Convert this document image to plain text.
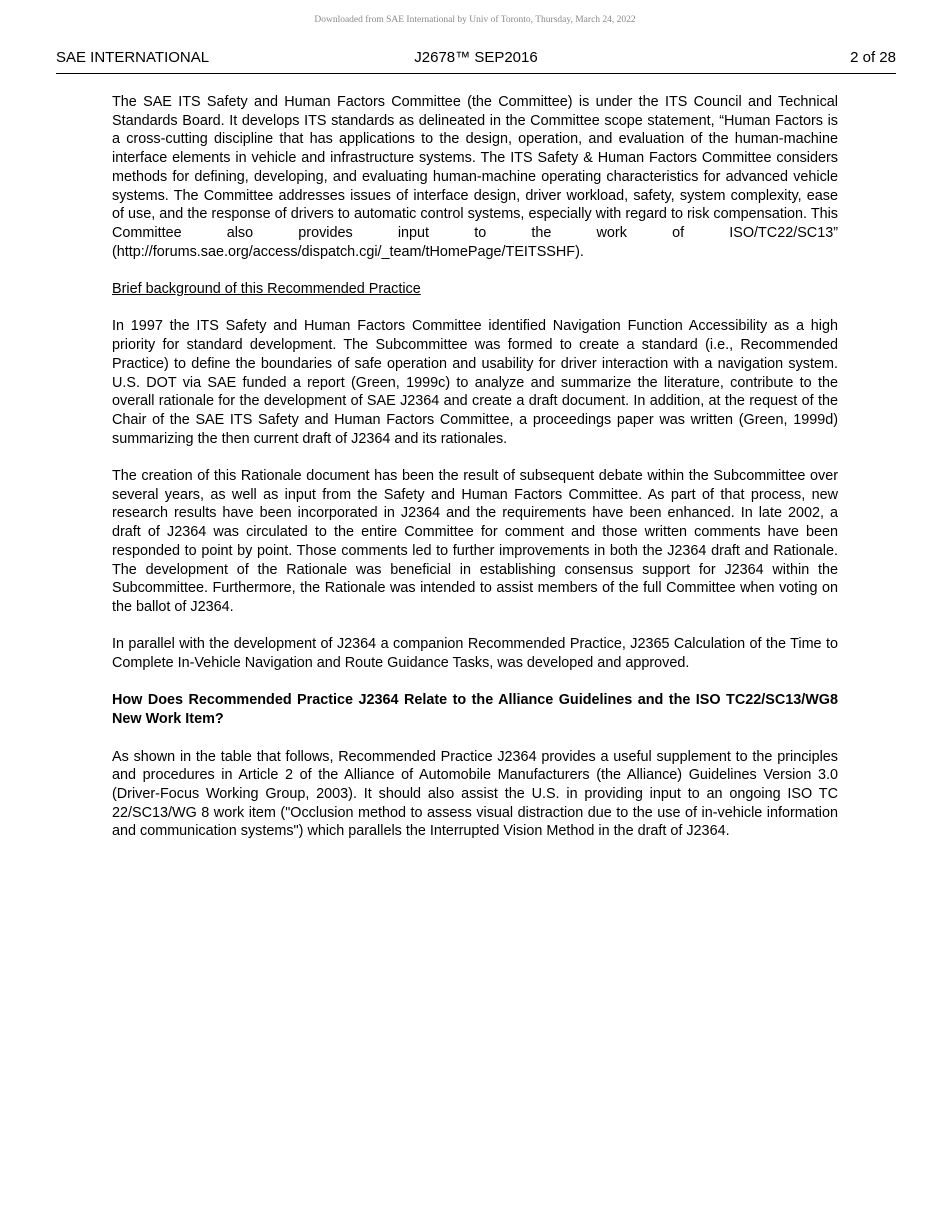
Downloaded from SAE International by Univ of Toronto, Thursday, March 24, 2022
SAE INTERNATIONAL	J2678™ SEP2016	2 of 28

The SAE ITS Safety and Human Factors Committee (the Committee) is under the ITS Council and Technical Standards Board. It develops ITS standards as delineated in the Committee scope statement, “Human Factors is a cross-cutting discipline that has applications to the design, operation, and evaluation of the human-machine interface elements in vehicle and infrastructure systems. The ITS Safety & Human Factors Committee considers methods for defining, developing, and evaluating human-machine operating characteristics for advanced vehicle systems. The Committee addresses issues of interface design, driver workload, safety, system complexity, ease of use, and the response of drivers to automatic control systems, especially with regard to risk compensation. This Committee also provides input to the work of ISO/TC22/SC13” (http://forums.sae.org/access/dispatch.cgi/_team/tHomePage/TEITSSHF).

Brief background of this Recommended Practice

In 1997 the ITS Safety and Human Factors Committee identified Navigation Function Accessibility as a high priority for standard development. The Subcommittee was formed to create a standard (i.e., Recommended Practice) to define the boundaries of safe operation and usability for driver interaction with a navigation system. U.S. DOT via SAE funded a report (Green, 1999c) to analyze and summarize the literature, contribute to the overall rationale for the development of SAE J2364 and create a draft document. In addition, at the request of the Chair of the SAE ITS Safety and Human Factors Committee, a proceedings paper was written (Green, 1999d) summarizing the then current draft of J2364 and its rationales.

The creation of this Rationale document has been the result of subsequent debate within the Subcommittee over several years, as well as input from the Safety and Human Factors Committee. As part of that process, new research results have been incorporated in J2364 and the requirements have been enhanced. In late 2002, a draft of J2364 was circulated to the entire Committee for comment and those written comments have been responded to point by point. Those comments led to further improvements in both the J2364 draft and Rationale. The development of the Rationale was beneficial in establishing consensus support for J2364 within the Subcommittee. Furthermore, the Rationale was intended to assist members of the full Committee when voting on the ballot of J2364.

In parallel with the development of J2364 a companion Recommended Practice, J2365 Calculation of the Time to Complete In-Vehicle Navigation and Route Guidance Tasks, was developed and approved.

How Does Recommended Practice J2364 Relate to the Alliance Guidelines and the ISO TC22/SC13/WG8 New Work Item?

As shown in the table that follows, Recommended Practice J2364 provides a useful supplement to the principles and procedures in Article 2 of the Alliance of Automobile Manufacturers (the Alliance) Guidelines Version 3.0 (Driver-Focus Working Group, 2003). It should also assist the U.S. in providing input to an ongoing ISO TC 22/SC13/WG 8 work item ("Occlusion method to assess visual distraction due to the use of in-vehicle information and communication systems") which parallels the Interrupted Vision Method in the draft of J2364.
